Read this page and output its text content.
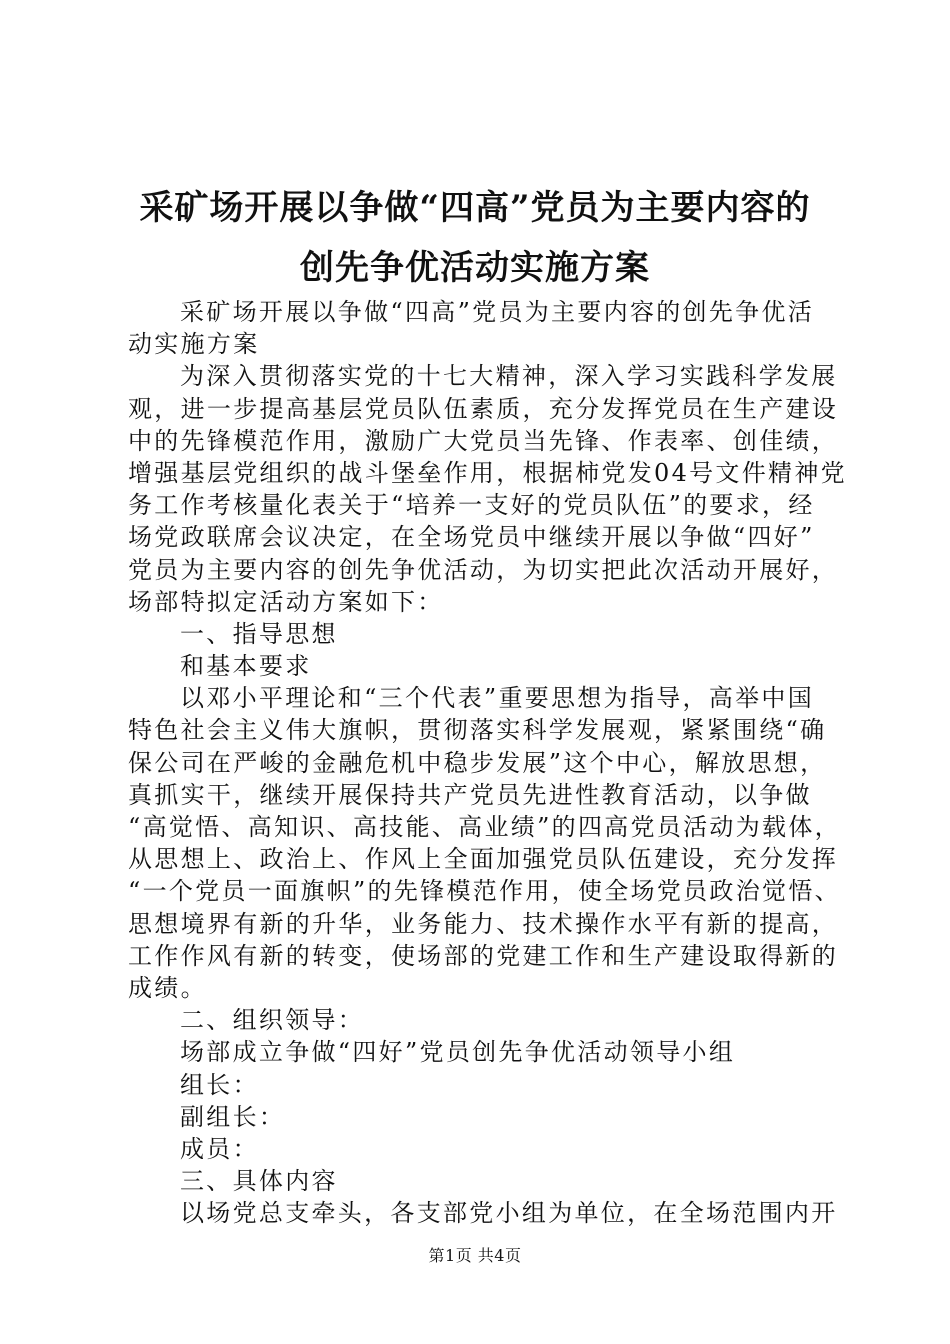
采矿场开展以争做“四高”党员为主要内容的
创先争优活动实施方案
采矿场开展以争做“四高”党员为主要内容的创先争优活
动实施方案
为深入贯彻落实党的十七大精神，深入学习实践科学发展
观，进一步提高基层党员队伍素质，充分发挥党员在生产建设
中的先锋模范作用，激励广大党员当先锋、作表率、创佳绩，
增强基层党组织的战斗堡垒作用，根据柿党发04号文件精神党
务工作考核量化表关于“培养一支好的党员队伍”的要求，经
场党政联席会议决定，在全场党员中继续开展以争做“四好”
党员为主要内容的创先争优活动，为切实把此次活动开展好，
场部特拟定活动方案如下：
一、指导思想
和基本要求
以邓小平理论和“三个代表”重要思想为指导，高举中国
特色社会主义伟大旗帜，贯彻落实科学发展观，紧紧围绕“确
保公司在严峻的金融危机中稳步发展”这个中心，解放思想，
真抓实干，继续开展保持共产党员先进性教育活动，以争做
“高觉悟、高知识、高技能、高业绩”的四高党员活动为载体，
从思想上、政治上、作风上全面加强党员队伍建设，充分发挥
“一个党员一面旗帜”的先锋模范作用，使全场党员政治觉悟、
思想境界有新的升华，业务能力、技术操作水平有新的提高，
工作作风有新的转变，使场部的党建工作和生产建设取得新的
成绩。
二、组织领导：
场部成立争做“四好”党员创先争优活动领导小组
组长：
副组长：
成员：
三、具体内容
以场党总支牵头，各支部党小组为单位，在全场范围内开
第1页 共4页
